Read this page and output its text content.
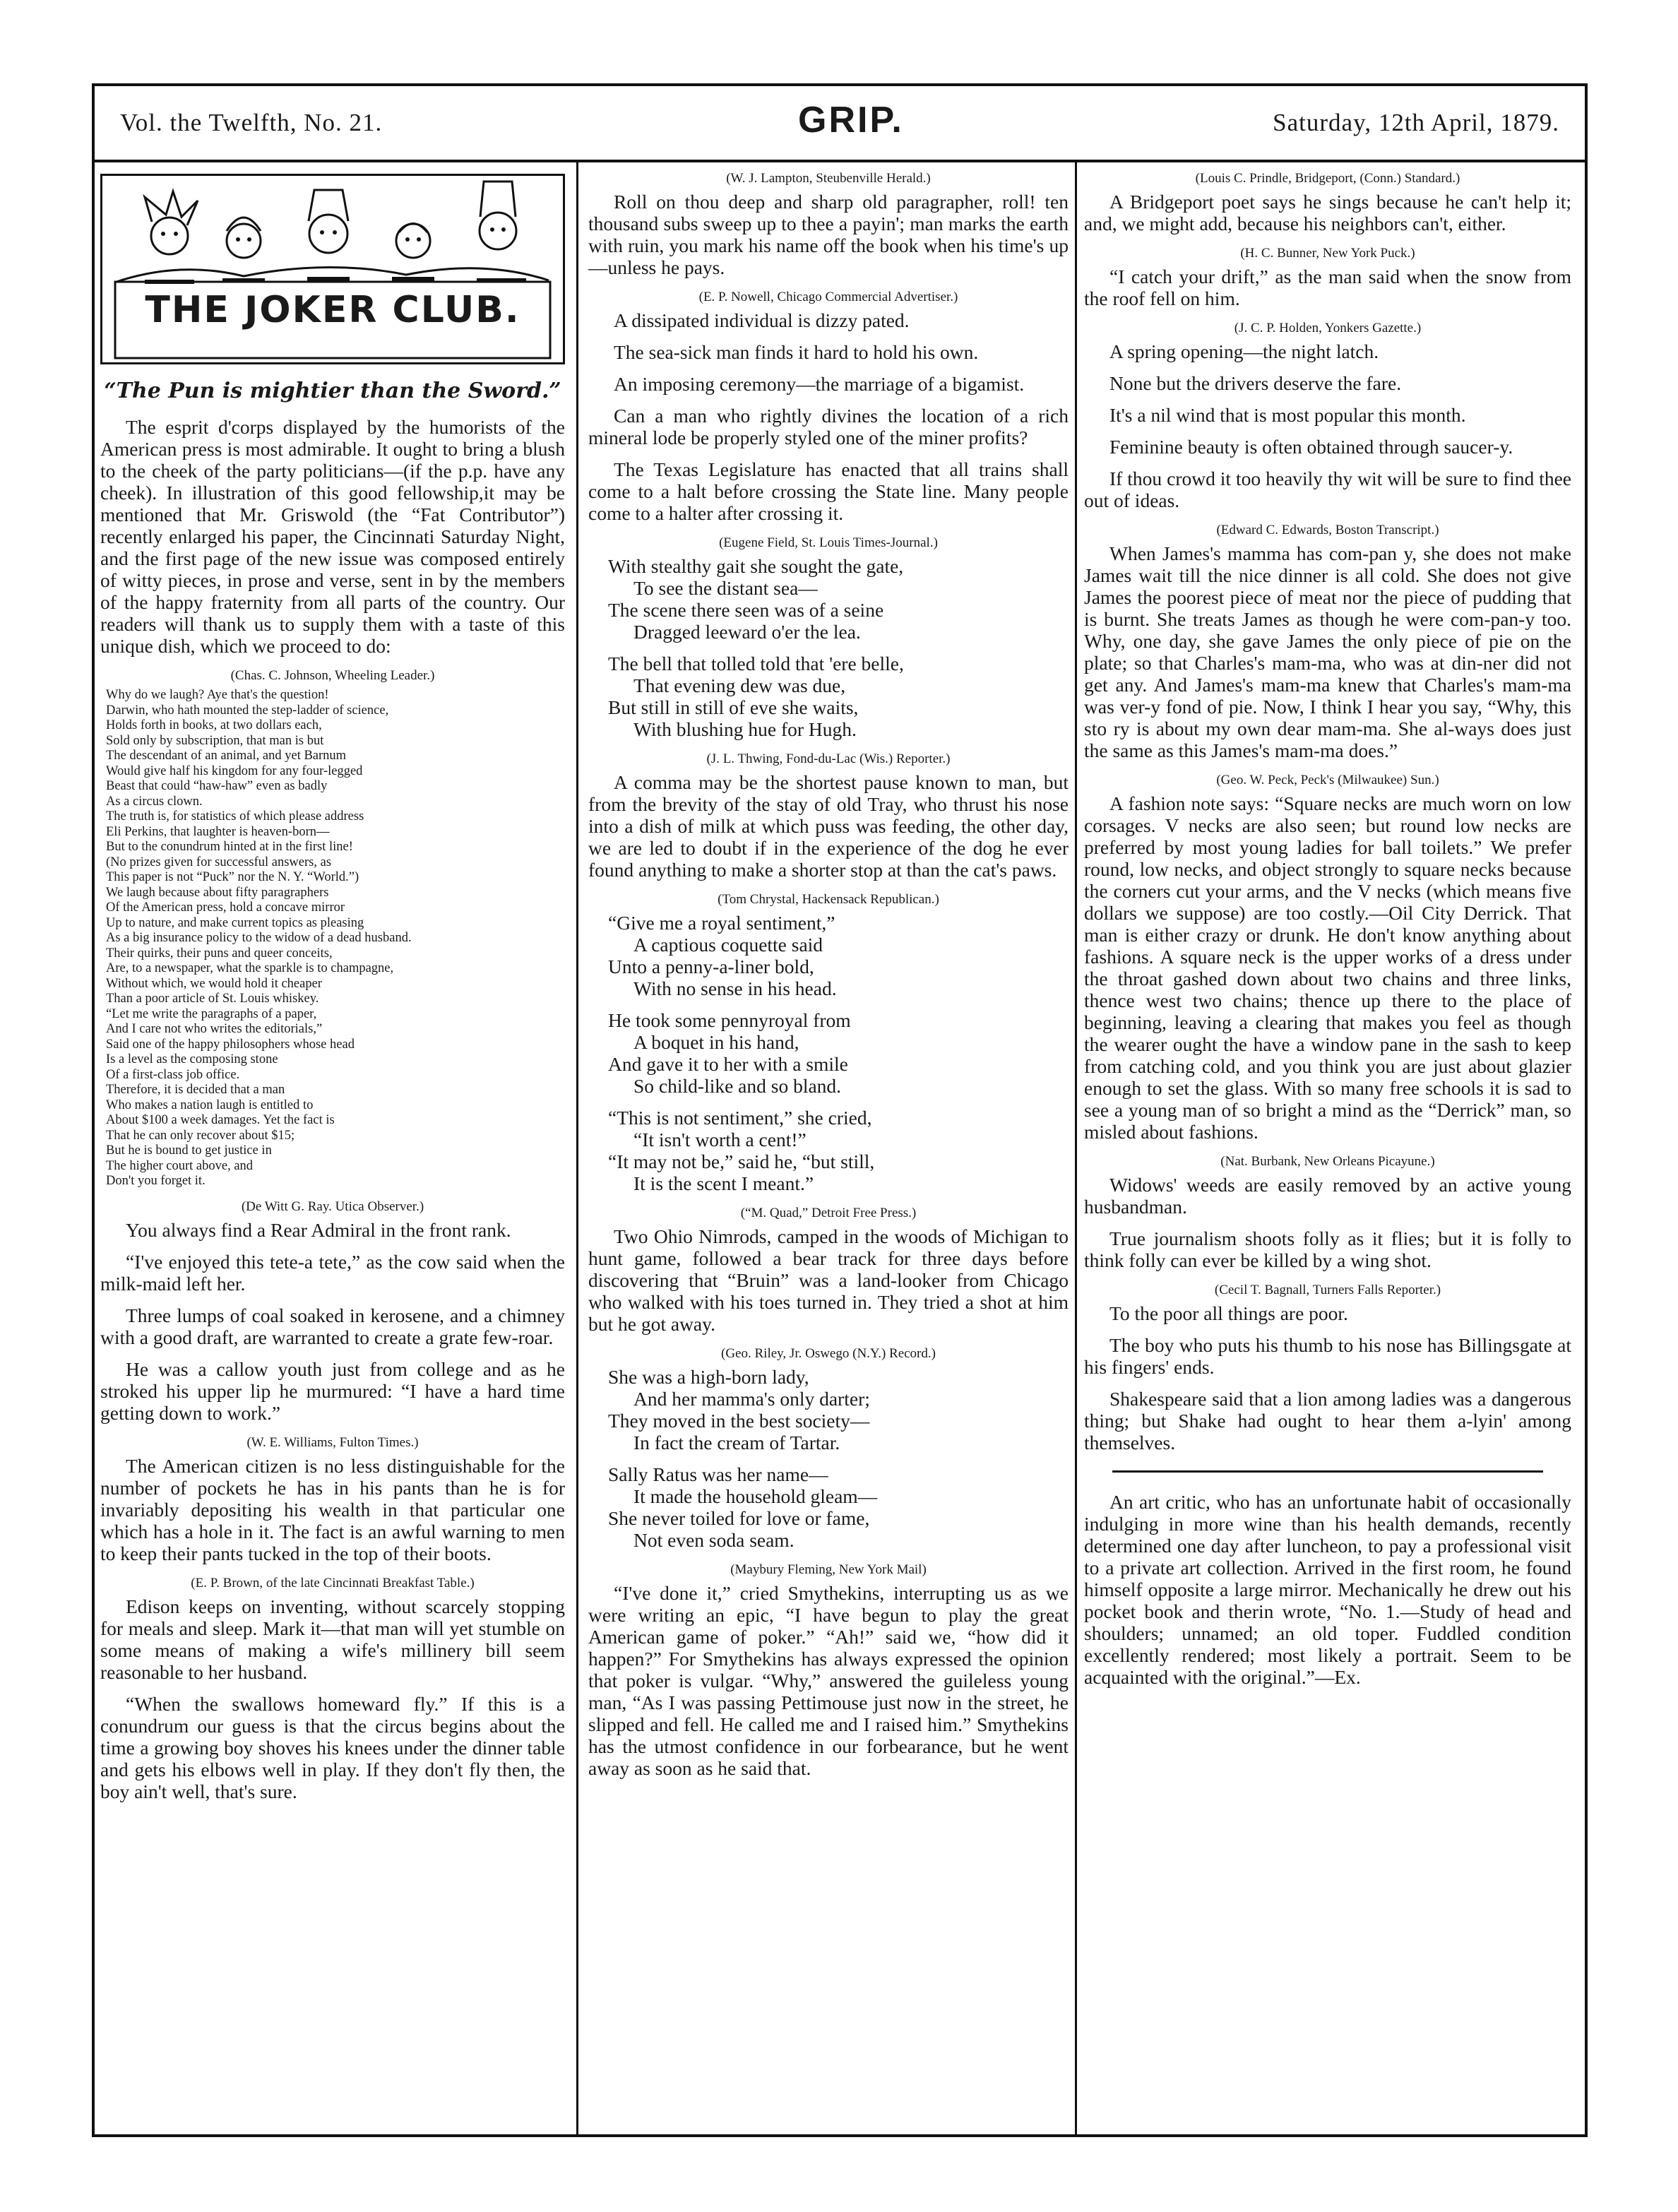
Vol. the Twelfth, No. 21.	GRIP.	Saturday, 12th April, 1879.
THE JOKER CLUB.
“The Pun is mightier than the Sword.”

The esprit d'corps displayed by the humorists of the American press is most admirable. It ought to bring a blush to the cheek of the party politicians—(if the p.p. have any cheek). In illustration of this good fellowship,it may be mentioned that Mr. Griswold (the “Fat Contributor”) recently enlarged his paper, the Cincinnati Saturday Night, and the first page of the new issue was composed entirely of witty pieces, in prose and verse, sent in by the members of the happy fraternity from all parts of the country. Our readers will thank us to supply them with a taste of this unique dish, which we proceed to do:

(Chas. C. Johnson, Wheeling Leader.)
Why do we laugh? Aye that's the question!
Darwin, who hath mounted the step-ladder of science,
Holds forth in books, at two dollars each,
Sold only by subscription, that man is but
The descendant of an animal, and yet Barnum
Would give half his kingdom for any four-legged
Beast that could “haw-haw” even as badly
As a circus clown.
The truth is, for statistics of which please address
Eli Perkins, that laughter is heaven-born—
But to the conundrum hinted at in the first line!
(No prizes given for successful answers, as
This paper is not “Puck” nor the N. Y. “World.”)
We laugh because about fifty paragraphers
Of the American press, hold a concave mirror
Up to nature, and make current topics as pleasing
As a big insurance policy to the widow of a dead husband.
Their quirks, their puns and queer conceits,
Are, to a newspaper, what the sparkle is to champagne,
Without which, we would hold it cheaper
Than a poor article of St. Louis whiskey.
“Let me write the paragraphs of a paper,
And I care not who writes the editorials,”
Said one of the happy philosophers whose head
Is a level as the composing stone
Of a first-class job office.
Therefore, it is decided that a man
Who makes a nation laugh is entitled to
About $100 a week damages. Yet the fact is
That he can only recover about $15;
But he is bound to get justice in
The higher court above, and
Don't you forget it.
(De Witt G. Ray. Utica Observer.)

You always find a Rear Admiral in the front rank.

“I've enjoyed this tete-a tete,” as the cow said when the milk-maid left her.

Three lumps of coal soaked in kerosene, and a chimney with a good draft, are warranted to create a grate few-roar.

He was a callow youth just from college and as he stroked his upper lip he murmured: “I have a hard time getting down to work.”

(W. E. Williams, Fulton Times.)

The American citizen is no less distinguishable for the number of pockets he has in his pants than he is for invariably depositing his wealth in that particular one which has a hole in it. The fact is an awful warning to men to keep their pants tucked in the top of their boots.

(E. P. Brown, of the late Cincinnati Breakfast Table.)

Edison keeps on inventing, without scarcely stopping for meals and sleep. Mark it—that man will yet stumble on some means of making a wife's millinery bill seem reasonable to her husband.

“When the swallows homeward fly.” If this is a conundrum our guess is that the circus begins about the time a growing boy shoves his knees under the dinner table and gets his elbows well in play. If they don't fly then, the boy ain't well, that's sure.

(W. J. Lampton, Steubenville Herald.)

Roll on thou deep and sharp old paragrapher, roll! ten thousand subs sweep up to thee a payin'; man marks the earth with ruin, you mark his name off the book when his time's up—unless he pays.

(E. P. Nowell, Chicago Commercial Advertiser.)

A dissipated individual is dizzy pated.

The sea-sick man finds it hard to hold his own.

An imposing ceremony—the marriage of a bigamist.

Can a man who rightly divines the location of a rich mineral lode be properly styled one of the miner profits?

The Texas Legislature has enacted that all trains shall come to a halt before crossing the State line. Many people come to a halter after crossing it.

(Eugene Field, St. Louis Times-Journal.)
With stealthy gait she sought the gate,
To see the distant sea—
The scene there seen was of a seine
Dragged leeward o'er the lea.
The bell that tolled told that 'ere belle,
That evening dew was due,
But still in still of eve she waits,
With blushing hue for Hugh.
(J. L. Thwing, Fond-du-Lac (Wis.) Reporter.)

A comma may be the shortest pause known to man, but from the brevity of the stay of old Tray, who thrust his nose into a dish of milk at which puss was feeding, the other day, we are led to doubt if in the experience of the dog he ever found anything to make a shorter stop at than the cat's paws.

(Tom Chrystal, Hackensack Republican.)
“Give me a royal sentiment,”
A captious coquette said
Unto a penny-a-liner bold,
With no sense in his head.
He took some pennyroyal from
A boquet in his hand,
And gave it to her with a smile
So child-like and so bland.
“This is not sentiment,” she cried,
“It isn't worth a cent!”
“It may not be,” said he, “but still,
It is the scent I meant.”
(“M. Quad,” Detroit Free Press.)

Two Ohio Nimrods, camped in the woods of Michigan to hunt game, followed a bear track for three days before discovering that “Bruin” was a land-looker from Chicago who walked with his toes turned in. They tried a shot at him but he got away.

(Geo. Riley, Jr. Oswego (N.Y.) Record.)
She was a high-born lady,
And her mamma's only darter;
They moved in the best society—
In fact the cream of Tartar.
Sally Ratus was her name—
It made the household gleam—
She never toiled for love or fame,
Not even soda seam.
(Maybury Fleming, New York Mail)

“I've done it,” cried Smythekins, interrupting us as we were writing an epic, “I have begun to play the great American game of poker.” “Ah!” said we, “how did it happen?” For Smythekins has always expressed the opinion that poker is vulgar. “Why,” answered the guileless young man, “As I was passing Pettimouse just now in the street, he slipped and fell. He called me and I raised him.” Smythekins has the utmost confidence in our forbearance, but he went away as soon as he said that.

(Louis C. Prindle, Bridgeport, (Conn.) Standard.)

A Bridgeport poet says he sings because he can't help it; and, we might add, because his neighbors can't, either.

(H. C. Bunner, New York Puck.)

“I catch your drift,” as the man said when the snow from the roof fell on him.

(J. C. P. Holden, Yonkers Gazette.)

A spring opening—the night latch.

None but the drivers deserve the fare.

It's a nil wind that is most popular this month.

Feminine beauty is often obtained through saucer-y.

If thou crowd it too heavily thy wit will be sure to find thee out of ideas.

(Edward C. Edwards, Boston Transcript.)

When James's mamma has com-pan y, she does not make James wait till the nice dinner is all cold. She does not give James the poorest piece of meat nor the piece of pudding that is burnt. She treats James as though he were com-pan-y too. Why, one day, she gave James the only piece of pie on the plate; so that Charles's mam-ma, who was at din-ner did not get any. And James's mam-ma knew that Charles's mam-ma was ver-y fond of pie. Now, I think I hear you say, “Why, this sto ry is about my own dear mam-ma. She al-ways does just the same as this James's mam-ma does.”

(Geo. W. Peck, Peck's (Milwaukee) Sun.)

A fashion note says: “Square necks are much worn on low corsages. V necks are also seen; but round low necks are preferred by most young ladies for ball toilets.” We prefer round, low necks, and object strongly to square necks because the corners cut your arms, and the V necks (which means five dollars we suppose) are too costly.—Oil City Derrick. That man is either crazy or drunk. He don't know anything about fashions. A square neck is the upper works of a dress under the throat gashed down about two chains and three links, thence west two chains; thence up there to the place of beginning, leaving a clearing that makes you feel as though the wearer ought the have a window pane in the sash to keep from catching cold, and you think you are just about glazier enough to set the glass. With so many free schools it is sad to see a young man of so bright a mind as the “Derrick” man, so misled about fashions.

(Nat. Burbank, New Orleans Picayune.)

Widows' weeds are easily removed by an active young husbandman.

True journalism shoots folly as it flies; but it is folly to think folly can ever be killed by a wing shot.

(Cecil T. Bagnall, Turners Falls Reporter.)

To the poor all things are poor.

The boy who puts his thumb to his nose has Billingsgate at his fingers' ends.

Shakespeare said that a lion among ladies was a dangerous thing; but Shake had ought to hear them a-lyin' among themselves.

An art critic, who has an unfortunate habit of occasionally indulging in more wine than his health demands, recently determined one day after luncheon, to pay a professional visit to a private art collection. Arrived in the first room, he found himself opposite a large mirror. Mechanically he drew out his pocket book and therin wrote, “No. 1.—Study of head and shoulders; unnamed; an old toper. Fuddled condition excellently rendered; most likely a portrait. Seem to be acquainted with the original.”—Ex.
